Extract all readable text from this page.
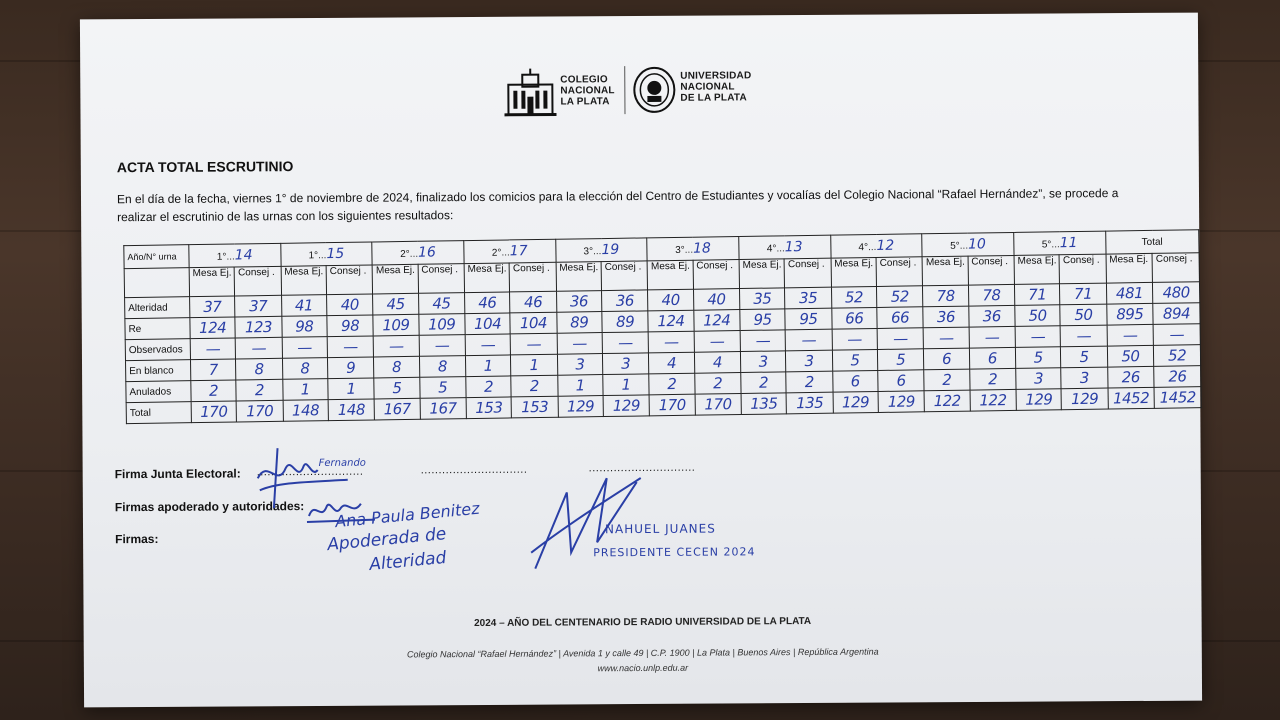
COLEGIO
NACIONAL
LA PLATA
UNIVERSIDAD
NACIONAL
DE LA PLATA
ACTA TOTAL ESCRUTINIO
En el día de la fecha, viernes 1° de noviembre de 2024, finalizado los comicios para la elección del Centro de Estudiantes y vocalías del Colegio Nacional “Rafael Hernández”, se procede a realizar el escrutinio de las urnas con los siguientes resultados:
Año/N° urna	1°...14		1°...15		2°...16		2°...17		3°...19		3°...18		4°...13		4°...12		5°...10		5°...11		Total	
	Mesa Ej.	Consej .	Mesa Ej.	Consej .	Mesa Ej.	Consej .	Mesa Ej.	Consej .	Mesa Ej.	Consej .	Mesa Ej.	Consej .	Mesa Ej.	Consej .	Mesa Ej.	Consej .	Mesa Ej.	Consej .	Mesa Ej.	Consej .	Mesa Ej.	Consej .
Alteridad	37	37	41	40	45	45	46	46	36	36	40	40	35	35	52	52	78	78	71	71	481	480
Re	124	123	98	98	109	109	104	104	89	89	124	124	95	95	66	66	36	36	50	50	895	894
Observados	—	—	—	—	—	—	—	—	—	—	—	—	—	—	—	—	—	—	—	—	—	—
En blanco	7	8	8	9	8	8	1	1	3	3	4	4	3	3	5	5	6	6	5	5	50	52
Anulados	2	2	1	1	5	5	2	2	1	1	2	2	2	2	6	6	2	2	3	3	26	26
Total	170	170	148	148	167	167	153	153	129	129	170	170	135	135	129	129	122	122	129	129	1452	1452
Firma Junta Electoral: ..............................	..............................	..............................
Firmas apoderado y autoridades:
Firmas:
Fernando
Ana Paula Benitez
Apoderada de
Alteridad
NAHUEL JUANES
PRESIDENTE CECEN 2024
2024 – AÑO DEL CENTENARIO DE RADIO UNIVERSIDAD DE LA PLATA
Colegio Nacional “Rafael Hernández” | Avenida 1 y calle 49 | C.P. 1900 | La Plata | Buenos Aires | República Argentina
www.nacio.unlp.edu.ar
